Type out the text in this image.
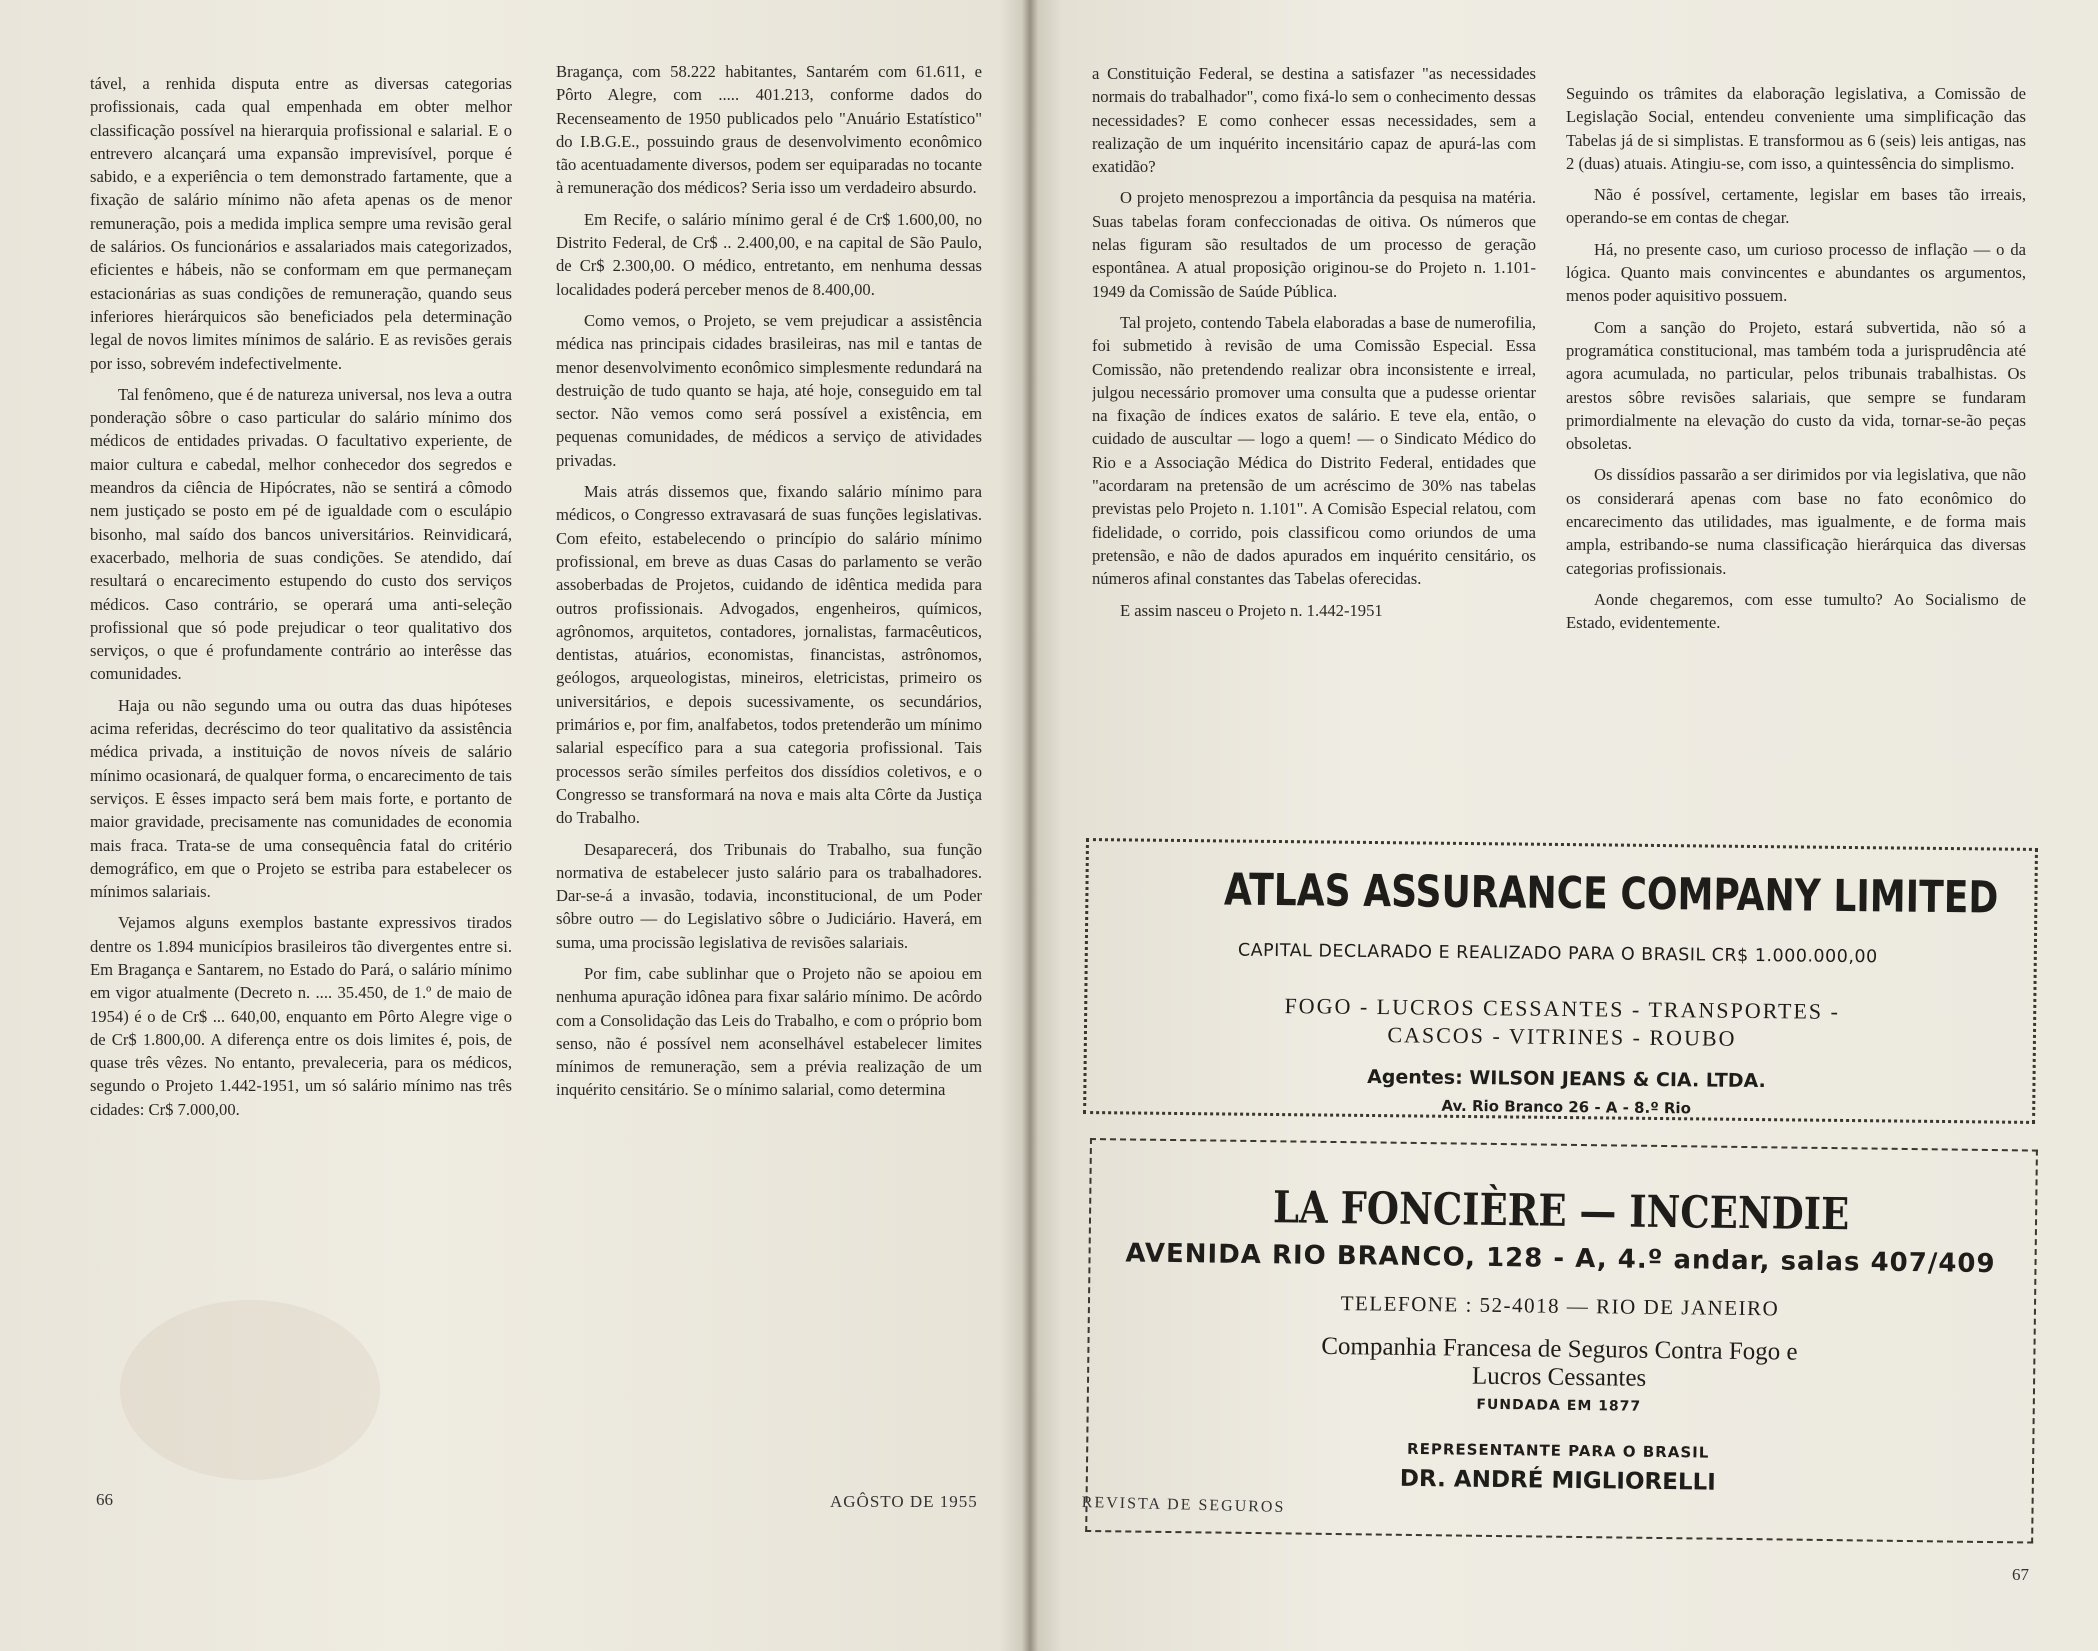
tável, a renhida disputa entre as diversas categorias profissionais, cada qual empenhada em obter melhor classificação possível na hierarquia profissional e salarial. E o entrevero alcançará uma expansão imprevisível, porque é sabido, e a experiência o tem demonstrado fartamente, que a fixação de salário mínimo não afeta apenas os de menor remuneração, pois a medida implica sempre uma revisão geral de salários. Os funcionários e assalariados mais categorizados, eficientes e hábeis, não se conformam em que permaneçam estacionárias as suas condições de remuneração, quando seus inferiores hierárquicos são beneficiados pela determinação legal de novos limites mínimos de salário. E as revisões gerais por isso, sobrevém indefectivelmente.

Tal fenômeno, que é de natureza universal, nos leva a outra ponderação sôbre o caso particular do salário mínimo dos médicos de entidades privadas. O facultativo experiente, de maior cultura e cabedal, melhor conhecedor dos segredos e meandros da ciência de Hipócrates, não se sentirá a cômodo nem justiçado se posto em pé de igualdade com o esculápio bisonho, mal saído dos bancos universitários. Reinvidicará, exacerbado, melhoria de suas condições. Se atendido, daí resultará o encarecimento estupendo do custo dos serviços médicos. Caso contrário, se operará uma anti-seleção profissional que só pode prejudicar o teor qualitativo dos serviços, o que é profundamente contrário ao interêsse das comunidades.

Haja ou não segundo uma ou outra das duas hipóteses acima referidas, decréscimo do teor qualitativo da assistência médica privada, a instituição de novos níveis de salário mínimo ocasionará, de qualquer forma, o encarecimento de tais serviços. E êsses impacto será bem mais forte, e portanto de maior gravidade, precisamente nas comunidades de economia mais fraca. Trata-se de uma consequência fatal do critério demográfico, em que o Projeto se estriba para estabelecer os mínimos salariais.

Vejamos alguns exemplos bastante expressivos tirados dentre os 1.894 municípios brasileiros tão divergentes entre si. Em Bragança e Santarem, no Estado do Pará, o salário mínimo em vigor atualmente (Decreto n. .... 35.450, de 1.º de maio de 1954) é o de Cr$ ... 640,00, enquanto em Pôrto Alegre vige o de Cr$ 1.800,00. A diferença entre os dois limites é, pois, de quase três vêzes. No entanto, prevaleceria, para os médicos, segundo o Projeto 1.442-1951, um só salário mínimo nas três cidades: Cr$ 7.000,00.

Bragança, com 58.222 habitantes, Santarém com 61.611, e Pôrto Alegre, com ..... 401.213, conforme dados do Recenseamento de 1950 publicados pelo "Anuário Estatístico" do I.B.G.E., possuindo graus de desenvolvimento econômico tão acentuadamente diversos, podem ser equiparadas no tocante à remuneração dos médicos? Seria isso um verdadeiro absurdo.

Em Recife, o salário mínimo geral é de Cr$ 1.600,00, no Distrito Federal, de Cr$ .. 2.400,00, e na capital de São Paulo, de Cr$ 2.300,00. O médico, entretanto, em nenhuma dessas localidades poderá perceber menos de 8.400,00.

Como vemos, o Projeto, se vem prejudicar a assistência médica nas principais cidades brasileiras, nas mil e tantas de menor desenvolvimento econômico simplesmente redundará na destruição de tudo quanto se haja, até hoje, conseguido em tal sector. Não vemos como será possível a existência, em pequenas comunidades, de médicos a serviço de atividades privadas.

Mais atrás dissemos que, fixando salário mínimo para médicos, o Congresso extravasará de suas funções legislativas. Com efeito, estabelecendo o princípio do salário mínimo profissional, em breve as duas Casas do parlamento se verão assoberbadas de Projetos, cuidando de idêntica medida para outros profissionais. Advogados, engenheiros, químicos, agrônomos, arquitetos, contadores, jornalistas, farmacêuticos, dentistas, atuários, economistas, financistas, astrônomos, geólogos, arqueologistas, mineiros, eletricistas, primeiro os universitários, e depois sucessivamente, os secundários, primários e, por fim, analfabetos, todos pretenderão um mínimo salarial específico para a sua categoria profissional. Tais processos serão símiles perfeitos dos dissídios coletivos, e o Congresso se transformará na nova e mais alta Côrte da Justiça do Trabalho.

Desaparecerá, dos Tribunais do Trabalho, sua função normativa de estabelecer justo salário para os trabalhadores. Dar-se-á a invasão, todavia, inconstitucional, de um Poder sôbre outro — do Legislativo sôbre o Judiciário. Haverá, em suma, uma procissão legislativa de revisões salariais.

Por fim, cabe sublinhar que o Projeto não se apoiou em nenhuma apuração idônea para fixar salário mínimo. De acôrdo com a Consolidação das Leis do Trabalho, e com o próprio bom senso, não é possível nem aconselhável estabelecer limites mínimos de remuneração, sem a prévia realização de um inquérito censitário. Se o mínimo salarial, como determina

66	AGÔSTO DE 1955

a Constituição Federal, se destina a satisfazer "as necessidades normais do trabalhador", como fixá-lo sem o conhecimento dessas necessidades? E como conhecer essas necessidades, sem a realização de um inquérito incensitário capaz de apurá-las com exatidão?

O projeto menosprezou a importância da pesquisa na matéria. Suas tabelas foram confeccionadas de oitiva. Os números que nelas figuram são resultados de um processo de geração espontânea. A atual proposição originou-se do Projeto n. 1.101-1949 da Comissão de Saúde Pública.

Tal projeto, contendo Tabela elaboradas a base de numerofilia, foi submetido à revisão de uma Comissão Especial. Essa Comissão, não pretendendo realizar obra inconsistente e irreal, julgou necessário promover uma consulta que a pudesse orientar na fixação de índices exatos de salário. E teve ela, então, o cuidado de auscultar — logo a quem! — o Sindicato Médico do Rio e a Associação Médica do Distrito Federal, entidades que "acordaram na pretensão de um acréscimo de 30% nas tabelas previstas pelo Projeto n. 1.101". A Comisão Especial relatou, com fidelidade, o corrido, pois classificou como oriundos de uma pretensão, e não de dados apurados em inquérito censitário, os números afinal constantes das Tabelas oferecidas.

E assim nasceu o Projeto n. 1.442-1951

Seguindo os trâmites da elaboração legislativa, a Comissão de Legislação Social, entendeu conveniente uma simplificação das Tabelas já de si simplistas. E transformou as 6 (seis) leis antigas, nas 2 (duas) atuais. Atingiu-se, com isso, a quintessência do simplismo.

Não é possível, certamente, legislar em bases tão irreais, operando-se em contas de chegar.

Há, no presente caso, um curioso processo de inflação — o da lógica. Quanto mais convincentes e abundantes os argumentos, menos poder aquisitivo possuem.

Com a sanção do Projeto, estará subvertida, não só a programática constitucional, mas também toda a jurisprudência até agora acumulada, no particular, pelos tribunais trabalhistas. Os arestos sôbre revisões salariais, que sempre se fundaram primordialmente na elevação do custo da vida, tornar-se-ão peças obsoletas.

Os dissídios passarão a ser dirimidos por via legislativa, que não os considerará apenas com base no fato econômico do encarecimento das utilidades, mas igualmente, e de forma mais ampla, estribando-se numa classificação hierárquica das diversas categorias profissionais.

Aonde chegaremos, com esse tumulto? Ao Socialismo de Estado, evidentemente.

ATLAS ASSURANCE COMPANY LIMITED
CAPITAL DECLARADO E REALIZADO PARA O BRASIL CR$ 1.000.000,00
FOGO - LUCROS CESSANTES - TRANSPORTES -
CASCOS - VITRINES - ROUBO
Agentes: WILSON JEANS & CIA. LTDA.
Av. Rio Branco 26 - A - 8.º Rio
LA FONCIÈRE — INCENDIE
AVENIDA RIO BRANCO, 128 - A, 4.º andar, salas 407/409
TELEFONE : 52-4018 — RIO DE JANEIRO
Companhia Francesa de Seguros Contra Fogo e
Lucros Cessantes
FUNDADA EM 1877
REPRESENTANTE PARA O BRASIL
DR. ANDRÉ MIGLIORELLI
REVISTA DE SEGUROS
67
